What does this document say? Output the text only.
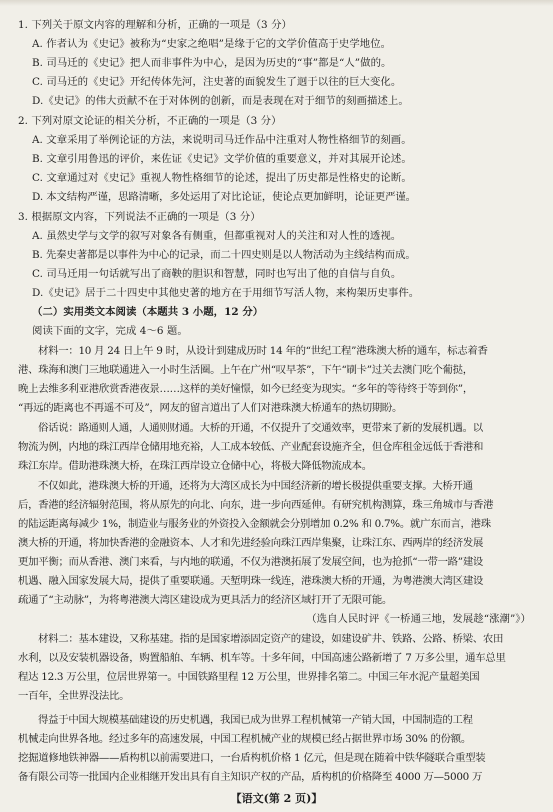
1. 下列关于原文内容的理解和分析，正确的一项是（3 分）
A. 作者认为《史记》被称为“史家之绝唱”是缘于它的文学价值高于史学地位。
B. 司马迁的《史记》把人而非事件为中心，是因为历史的“事”都是“人”做的。
C. 司马迁的《史记》开纪传体先河，注史著的面貌发生了迥于以往的巨大变化。
D.《史记》的伟大贡献不在于对体例的创新，而是表现在对于细节的刻画描述上。
2. 下列对原文论证的相关分析，不正确的一项是（3 分）
A. 文章采用了举例论证的方法，来说明司马迁作品中注重对人物性格细节的刻画。
B. 文章引用鲁迅的评价，来佐证《史记》文学价值的重要意义，并对其展开论述。
C. 文章通过对《史记》重视人物性格细节的论述，提出了历史都是性格史的论断。
D. 本文结构严谨，思路清晰，多处运用了对比论证，使论点更加鲜明，论证更严谨。
3. 根据原文内容，下列说法不正确的一项是（3 分）
A. 虽然史学与文学的叙写对象各有侧重，但都重视对人的关注和对人性的透视。
B. 先秦史著都是以事件为中心的记录，而二十四史则是以人物活动为主线结构而成。
C. 司马迁用一句话就写出了商鞅的胆识和智慧，同时也写出了他的自信与自负。
D.《史记》居于二十四史中其他史著的地方在于用细节写活人物，来构架历史事件。
（二）实用类文本阅读（本题共 3 小题，12 分）
阅读下面的文字，完成 4～6 题。
材料一：10 月 24 日上午 9 时，从设计到建成历时 14 年的“世纪工程”港珠澳大桥的通车，标志着香
港、珠海和澳门三地联通进入一小时生活圈。上午在广州“叹早茶”，下午“刷卡”过关去澳门吃个葡挞，
晚上去维多利亚港欣赏香港夜景……这样的美好憧憬，如今已经变为现实。“多年的等待终于等到你”，
“再远的距离也不再遥不可及”，网友的留言道出了人们对港珠澳大桥通车的热切期盼。
俗话说：路通则人通，人通则财通。大桥的开通，不仅提升了交通效率，更带来了新的发展机遇。以
物流为例，内地的珠江西岸仓储用地充裕，人工成本较低、产业配套设施齐全，但仓库租金远低于香港和
珠江东岸。借助港珠澳大桥，在珠江西岸设立仓储中心，将极大降低物流成本。
不仅如此，港珠澳大桥的开通，还将为大湾区成长为中国经济新的增长极提供重要支撑。大桥开通
后，香港的经济辐射范围，将从原先的向北、向东，进一步向西延伸。有研究机构测算，珠三角城市与香港
的陆运距离每减少 1%，制造业与服务业的外资投入金额就会分别增加 0.2% 和 0.7%。就广东而言，港珠
澳大桥的开通，将加快香港的金融资本、人才和先进经验向珠江西岸集聚，让珠江东、西两岸的经济发展
更加平衡；而从香港、澳门来看，与内地的联通，不仅为港澳拓展了发展空间，也为抢抓“一带一路”建设
机遇、融入国家发展大局，提供了重要联通。天堑明珠一线连，港珠澳大桥的开通，为粤港澳大湾区建设
疏通了“主动脉”，为将粤港澳大湾区建设成为更具活力的经济区域打开了无限可能。
（选自人民时评《一桥通三地，发展趁“涨潮”》）
材料二：基本建设，又称基建。指的是国家增添固定资产的建设，如建设矿井、铁路、公路、桥梁、农田
水利，以及安装机器设备，购置船舶、车辆、机车等。十多年间，中国高速公路新增了 7 万多公里，通车总里
程达 12.3 万公里，位居世界第一。中国铁路里程 12 万公里，世界排名第二。中国三年水泥产量超美国
一百年，全世界没法比。
得益于中国大规模基础建设的历史机遇，我国已成为世界工程机械第一产销大国，中国制造的工程
机械走向世界各地。经过多年的高速发展，中国工程机械产业的规模已经占据世界市场 30% 的份额。
挖掘道修地铁神器——盾构机以前需要进口，一台盾构机价格 1 亿元，但是现在随着中铁华隧联合重型装
备有限公司等一批国内企业相继开发出具有自主知识产权的产品，盾构机的价格降至 4000 万—5000 万
【语文(第 2 页)】
